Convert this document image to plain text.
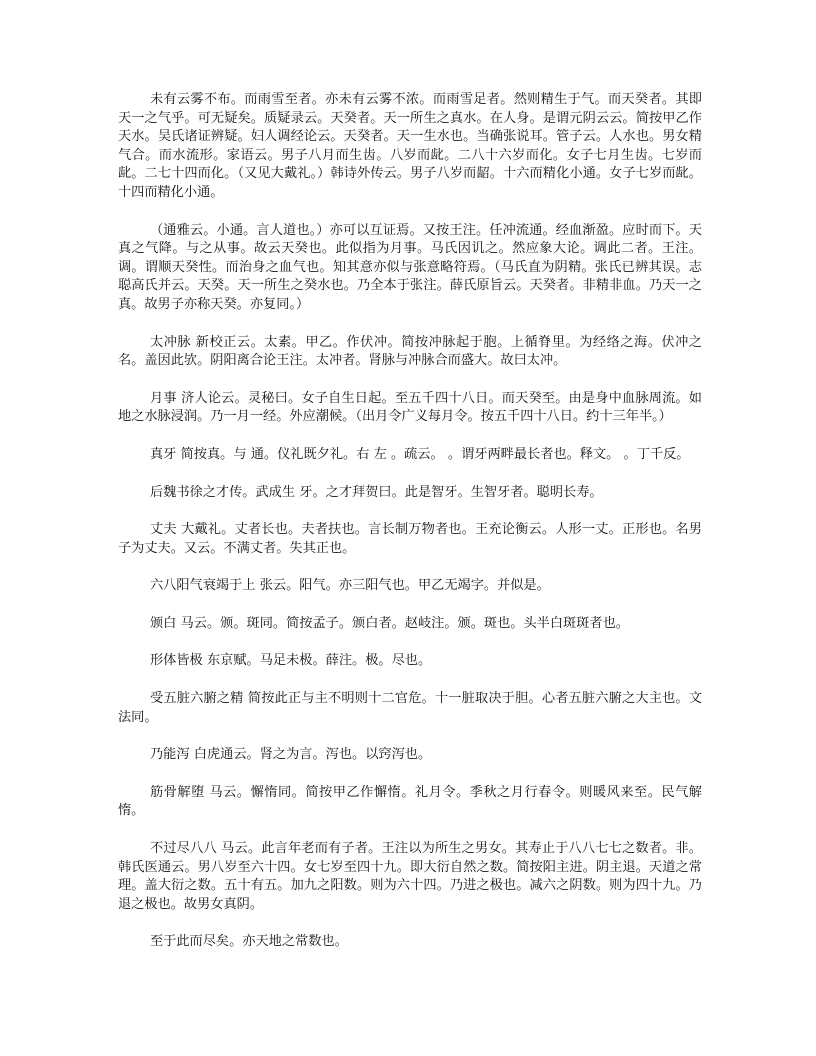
未有云雾不布。而雨雪至者。亦未有云雾不浓。而雨雪足者。然则精生于气。而天癸者。其即天一之气乎。可无疑矣。质疑录云。天癸者。天一所生之真水。在人身。是谓元阴云云。简按甲乙作天水。吴氏诸证辨疑。妇人调经论云。天癸者。天一生水也。当确张说耳。管子云。人水也。男女精气合。而水流形。家语云。男子八月而生齿。八岁而龀。二八十六岁而化。女子七月生齿。七岁而龀。二七十四而化。（又见大戴礼。）韩诗外传云。男子八岁而龆。十六而精化小通。女子七岁而龀。十四而精化小通。

（通雅云。小通。言人道也。）亦可以互证焉。又按王注。任冲流通。经血渐盈。应时而下。天真之气降。与之从事。故云天癸也。此似指为月事。马氏因讥之。然应象大论。调此二者。王注。调。谓顺天癸性。而治身之血气也。知其意亦似与张意略符焉。（马氏直为阴精。张氏已辨其误。志聪高氏并云。天癸。天一所生之癸水也。乃全本于张注。薛氏原旨云。天癸者。非精非血。乃天一之真。故男子亦称天癸。亦复同。）

太冲脉 新校正云。太素。甲乙。作伏冲。简按冲脉起于胞。上循脊里。为经络之海。伏冲之名。盖因此欤。阴阳离合论王注。太冲者。肾脉与冲脉合而盛大。故曰太冲。

月事 济人论云。灵秘曰。女子自生日起。至五千四十八日。而天癸至。由是身中血脉周流。如地之水脉浸润。乃一月一经。外应潮候。（出月令广义每月令。按五千四十八日。约十三年半。）

真牙 简按真。与 通。仪礼既夕礼。右 左 。疏云。 。谓牙两畔最长者也。释文。 。丁千反。

后魏书徐之才传。武成生 牙。之才拜贺曰。此是智牙。生智牙者。聪明长寿。

丈夫 大戴礼。丈者长也。夫者扶也。言长制万物者也。王充论衡云。人形一丈。正形也。名男子为丈夫。又云。不满丈者。失其正也。

六八阳气衰竭于上 张云。阳气。亦三阳气也。甲乙无竭字。并似是。

颁白 马云。颁。斑同。简按孟子。颁白者。赵岐注。颁。斑也。头半白斑斑者也。

形体皆极 东京赋。马足未极。薛注。极。尽也。

受五脏六腑之精 简按此正与主不明则十二官危。十一脏取决于胆。心者五脏六腑之大主也。文法同。

乃能泻 白虎通云。肾之为言。泻也。以窍泻也。

筋骨解堕 马云。懈惰同。简按甲乙作懈惰。礼月令。季秋之月行春令。则暖风来至。民气解惰。

不过尽八八 马云。此言年老而有子者。王注以为所生之男女。其寿止于八八七七之数者。非。韩氏医通云。男八岁至六十四。女七岁至四十九。即大衍自然之数。简按阳主进。阴主退。天道之常理。盖大衍之数。五十有五。加九之阳数。则为六十四。乃进之极也。减六之阴数。则为四十九。乃退之极也。故男女真阴。

至于此而尽矣。亦天地之常数也。
